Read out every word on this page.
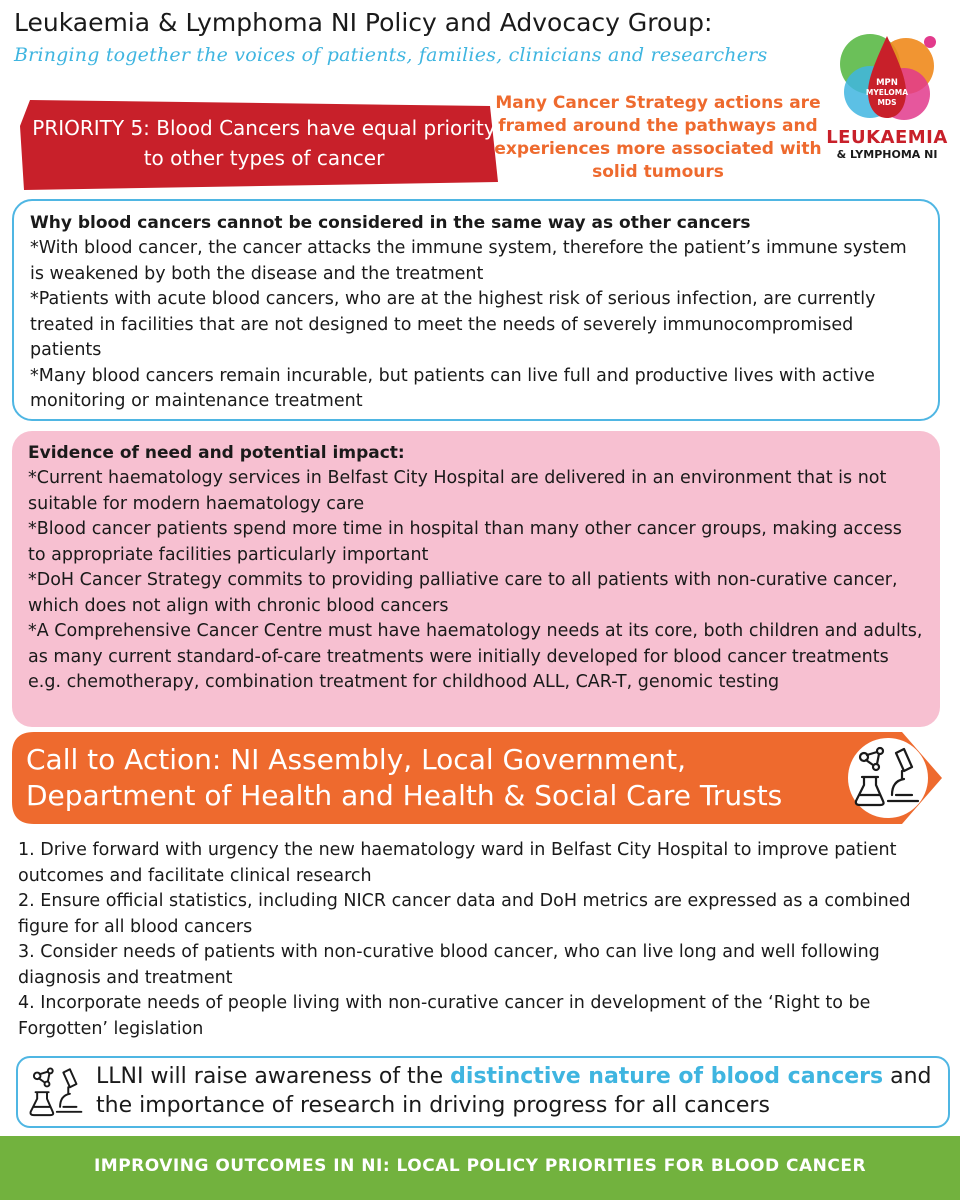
Leukaemia & Lymphoma NI Policy and Advocacy Group:
Bringing together the voices of patients, families, clinicians and researchers
MPN
MYELOMA
MDS
LEUKAEMIA
& LYMPHOMA NI
PRIORITY 5: Blood Cancers have equal priority to other types of cancer
Many Cancer Strategy actions are framed around the pathways and experiences more associated with solid tumours
Why blood cancers cannot be considered in the same way as other cancers

*With blood cancer, the cancer attacks the immune system, therefore the patient’s immune system is weakened by both the disease and the treatment

*Patients with acute blood cancers, who are at the highest risk of serious infection, are currently treated in facilities that are not designed to meet the needs of severely immunocompromised patients

*Many blood cancers remain incurable, but patients can live full and productive lives with active monitoring or maintenance treatment

Evidence of need and potential impact:

*Current haematology services in Belfast City Hospital are delivered in an environment that is not suitable for modern haematology care

*Blood cancer patients spend more time in hospital than many other cancer groups, making access to appropriate facilities particularly important

*DoH Cancer Strategy commits to providing palliative care to all patients with non-curative cancer, which does not align with chronic blood cancers

*A Comprehensive Cancer Centre must have haematology needs at its core, both children and adults, as many current standard-of-care treatments were initially developed for blood cancer treatments e.g. chemotherapy, combination treatment for childhood ALL, CAR-T, genomic testing

Call to Action: NI Assembly, Local Government, Department of Health and Health & Social Care Trusts

1. Drive forward with urgency the new haematology ward in Belfast City Hospital to improve patient outcomes and facilitate clinical research

2. Ensure official statistics, including NICR cancer data and DoH metrics are expressed as a combined figure for all blood cancers

3. Consider needs of patients with non-curative blood cancer, who can live long and well following diagnosis and treatment

4. Incorporate needs of people living with non-curative cancer in development of the ‘Right to be Forgotten’ legislation

LLNI will raise awareness of the distinctive nature of blood cancers and the importance of research in driving progress for all cancers
IMPROVING OUTCOMES IN NI: LOCAL POLICY PRIORITIES FOR BLOOD CANCER
